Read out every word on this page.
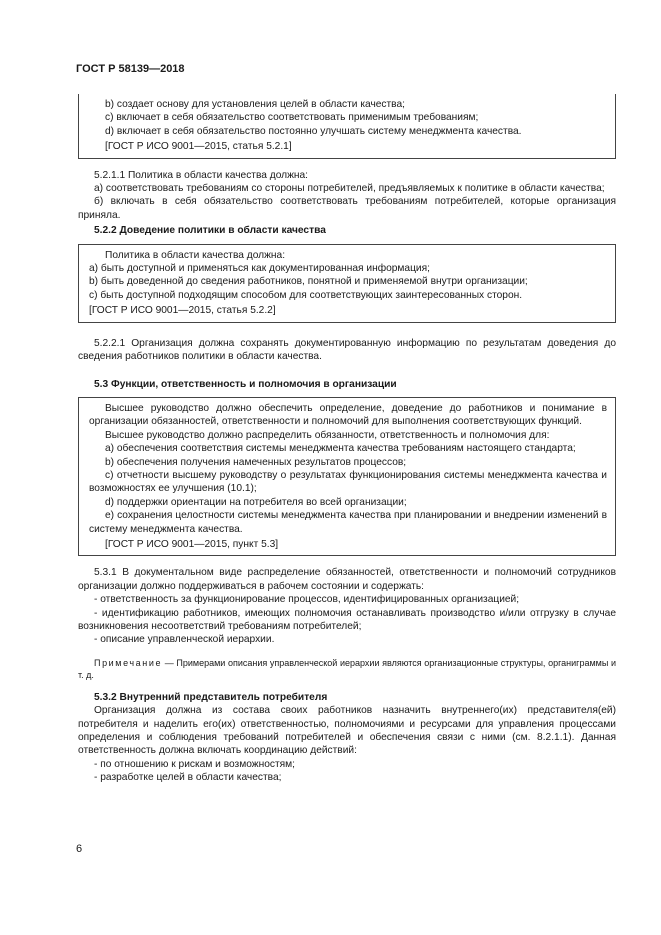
ГОСТ Р 58139—2018

b) создает основу для установления целей в области качества;

c) включает в себя обязательство соответствовать применимым требованиям;

d) включает в себя обязательство постоянно улучшать систему менеджмента качества.

[ГОСТ Р ИСО 9001—2015, статья 5.2.1]

5.2.1.1 Политика в области качества должна:

а) соответствовать требованиям со стороны потребителей, предъявляемых к политике в области качества;

б) включать в себя обязательство соответствовать требованиям потребителей, которые организация приняла.

5.2.2 Доведение политики в области качества

Политика в области качества должна:

a) быть доступной и применяться как документированная информация;

b) быть доведенной до сведения работников, понятной и применяемой внутри организации;

c) быть доступной подходящим способом для соответствующих заинтересованных сторон.

[ГОСТ Р ИСО 9001—2015, статья 5.2.2]

5.2.2.1 Организация должна сохранять документированную информацию по результатам доведения до сведения работников политики в области качества.

5.3 Функции, ответственность и полномочия в организации

Высшее руководство должно обеспечить определение, доведение до работников и понимание в организации обязанностей, ответственности и полномочий для выполнения соответствующих функций.

Высшее руководство должно распределить обязанности, ответственность и полномочия для:

a) обеспечения соответствия системы менеджмента качества требованиям настоящего стандарта;

b) обеспечения получения намеченных результатов процессов;

c) отчетности высшему руководству о результатах функционирования системы менеджмента качества и возможностях ее улучшения (10.1);

d) поддержки ориентации на потребителя во всей организации;

e) сохранения целостности системы менеджмента качества при планировании и внедрении изменений в систему менеджмента качества.

[ГОСТ Р ИСО 9001—2015, пункт 5.3]

5.3.1 В документальном виде распределение обязанностей, ответственности и полномочий сотрудников организации должно поддерживаться в рабочем состоянии и содержать:

- ответственность за функционирование процессов, идентифицированных организацией;

- идентификацию работников, имеющих полномочия останавливать производство и/или отгрузку в случае возникновения несоответствий требованиям потребителей;

- описание управленческой иерархии.

Примечание — Примерами описания управленческой иерархии являются организационные структуры, органиграммы и т. д.

5.3.2 Внутренний представитель потребителя

Организация должна из состава своих работников назначить внутреннего(их) представителя(ей) потребителя и наделить его(их) ответственностью, полномочиями и ресурсами для управления процессами определения и соблюдения требований потребителей и обеспечения связи с ними (см. 8.2.1.1). Данная ответственность должна включать координацию действий:

- по отношению к рискам и возможностям;

- разработке целей в области качества;

6
